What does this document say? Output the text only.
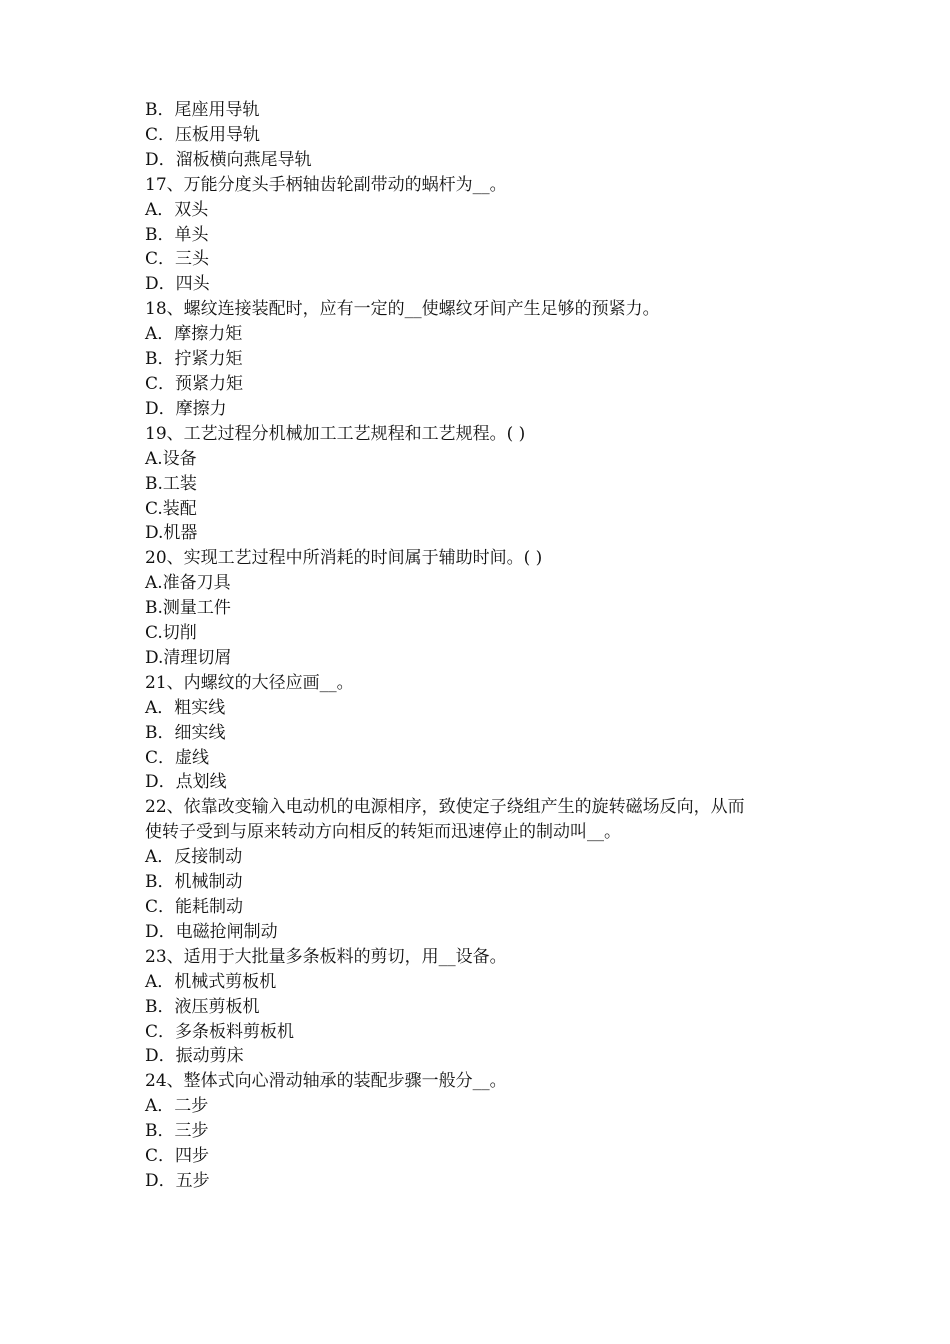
B．尾座用导轨

C．压板用导轨

D．溜板横向燕尾导轨

17、万能分度头手柄轴齿轮副带动的蜗杆为__。

A．双头

B．单头

C．三头

D．四头

18、螺纹连接装配时，应有一定的__使螺纹牙间产生足够的预紧力。

A．摩擦力矩

B．拧紧力矩

C．预紧力矩

D．摩擦力

19、工艺过程分机械加工工艺规程和工艺规程。( )

A.设备

B.工装

C.装配

D.机器

20、实现工艺过程中所消耗的时间属于辅助时间。( )

A.准备刀具

B.测量工件

C.切削

D.清理切屑

21、内螺纹的大径应画__。

A．粗实线

B．细实线

C．虚线

D．点划线

22、依靠改变输入电动机的电源相序，致使定子绕组产生的旋转磁场反向，从而

使转子受到与原来转动方向相反的转矩而迅速停止的制动叫__。

A．反接制动

B．机械制动

C．能耗制动

D．电磁抢闸制动

23、适用于大批量多条板料的剪切，用__设备。

A．机械式剪板机

B．液压剪板机

C．多条板料剪板机

D．振动剪床

24、整体式向心滑动轴承的装配步骤一般分__。

A．二步

B．三步

C．四步

D．五步
